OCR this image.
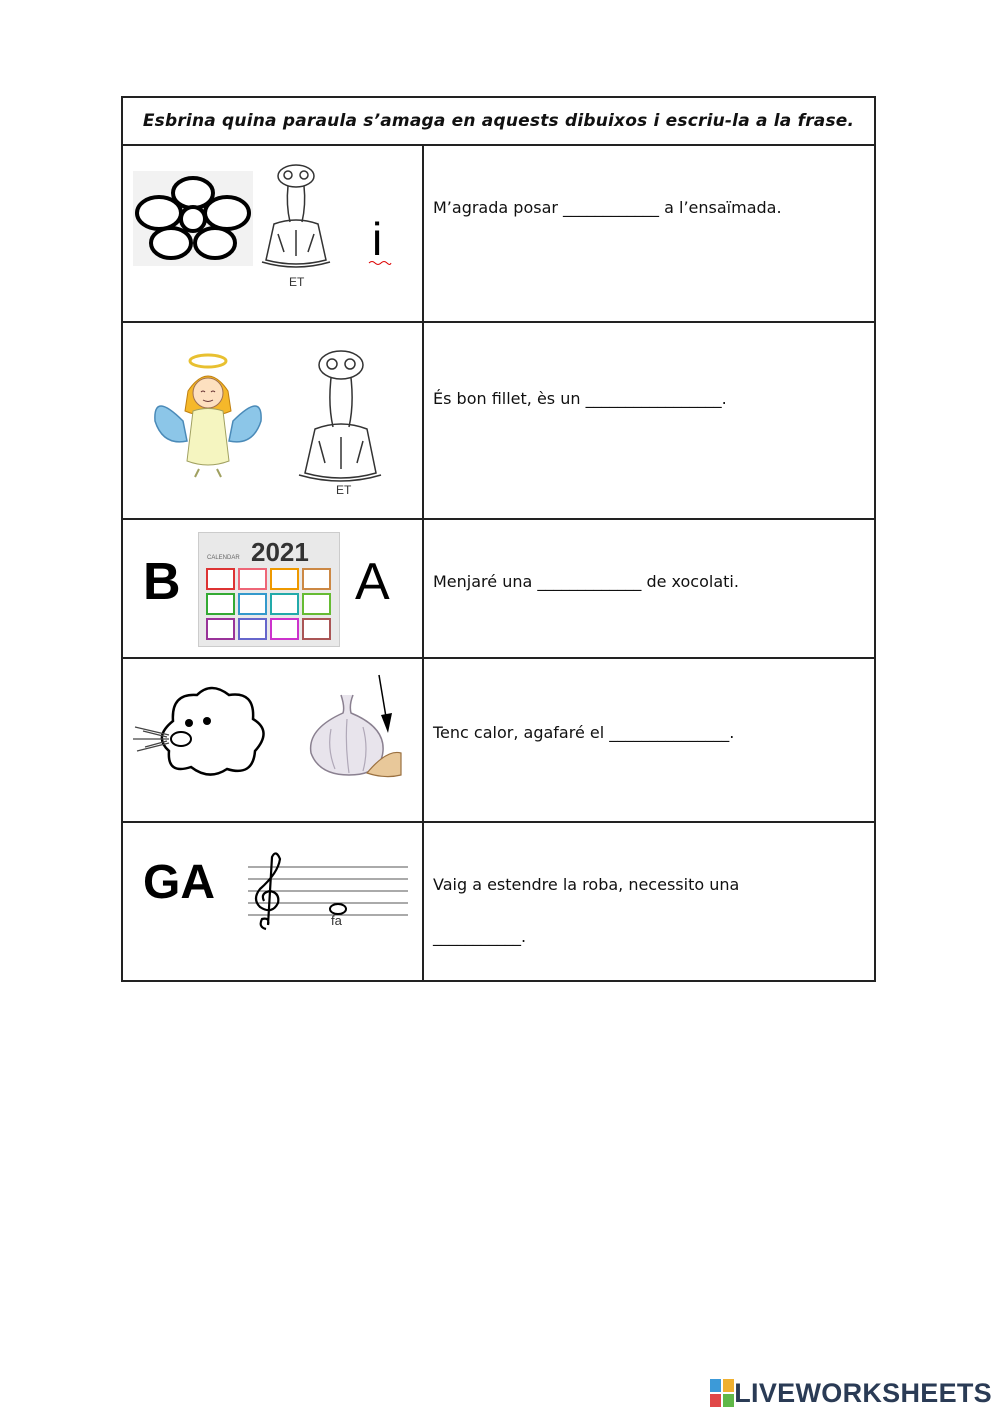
Esbrina quina paraula s’amaga en aquests dibuixos i escriu-la a la frase.
ET
i
M’agrada posar ____________ a l’ensaïmada.
ET
És bon fillet, ès un _________________.
B	CALENDAR 2021
A	Menjaré una _____________ de xocolati.
Tenc calor, agafaré el _______________.
GA
fa
Vaig a estendre la roba, necessito una
___________.
LIVEWORKSHEETS
